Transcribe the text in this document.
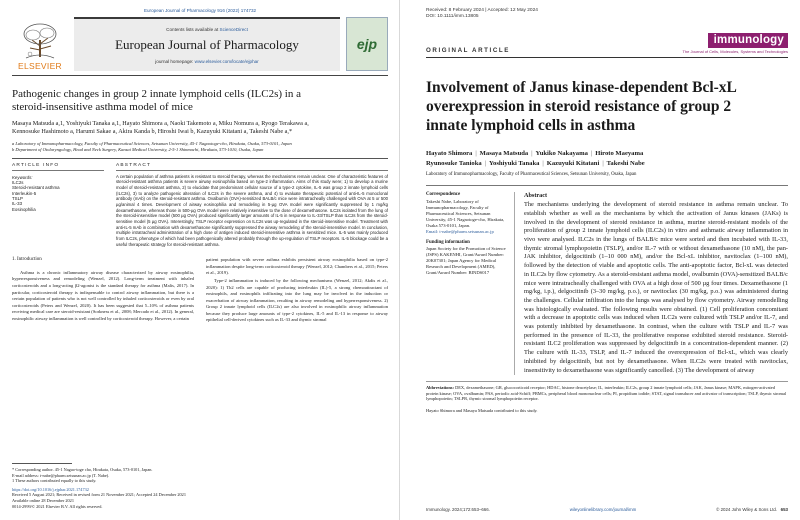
European Journal of Pharmacology 916 (2022) 174732
ELSEVIER
Contents lists available at ScienceDirect
European Journal of Pharmacology
journal homepage: www.elsevier.com/locate/ejphar
ejp
Pathogenic changes in group 2 innate lymphoid cells (ILC2s) in a steroid-insensitive asthma model of mice
Masaya Matsuda a,1, Yoshiyuki Tanaka a,1, Hayato Shimora a, Naoki Takemoto a, Miku Nomura a, Ryogo Terakawa a, Kennosuke Hashimoto a, Harumi Sakae a, Akira Kanda b, Hiroshi Iwai b, Kazuyuki Kitatani a, Takeshi Nabe a,*
a Laboratory of Immunopharmacology, Faculty of Pharmaceutical Sciences, Setsunan University, 45-1 Nagaotoge-cho, Hirakata, Osaka, 573-0101, Japan
b Department of Otolaryngology, Head and Neck Surgery, Kansai Medical University, 2-5-1 Shinmachi, Hirakata, 573-1010, Osaka, Japan
ARTICLE INFO
Keywords:
ILC2s
Steroid-resistant asthma
Interleukin-5
TSLP
IL-33
Eosinophilia
ABSTRACT
A certain population of asthma patients is resistant to steroid therapy, whereas the mechanisms remain unclear. One of characteristic features of steroid-resistant asthma patients is severe airway eosinophilia based on type-2 inflammation. Aims of this study were; 1) to develop a murine model of steroid-resistant asthma, 2) to elucidate that predominant cellular source of a type-2 cytokine, IL-5 was group 2 innate lymphoid cells (ILC2s), 3) to analyze pathogenic alteration of ILC2s in the severe asthma, and 4) to evaluate therapeutic potential of anti-IL-5 monoclonal antibody (mAb) on the steroid-resistant asthma. Ovalbumin (OVA)-sensitized BALB/c mice were intratracheally challenged with OVA at 5 or 500 µg/animal 4 times. Development of airway eosinophilia and remodeling in 5-µg OVA model were significantly suppressed by 1 mg/kg dexamethasone, whereas those in 500-µg OVA model were relatively insensitive to the dose of dexamethasone. ILC2s isolated from the lung of the steroid-insensitive model (500 µg OVA) produced significantly larger amounts of IL-5 in response to IL-33/TSLP than ILC2s from the steroid-sensitive model (5 µg OVA). Interestingly, TSLP receptor expression on ILC2s was up-regulated in the steroid-insensitive model. Treatment with anti-IL-5 mAb in combination with dexamethasone significantly suppressed the airway remodeling of the steroid-insensitive model. In conclusion, multiple intratracheal administration of a high dose of antigen induced steroid-insensitive asthma in sensitized mice. IL-5 was mainly produced from ILC2s, phenotype of which had been pathogenically altered probably through the up-regulation of TSLP receptors. IL-5 blockage could be a useful therapeutic strategy for steroid-resistant asthma.
1. Introduction

Asthma is a chronic inflammatory airway disease characterized by airway eosinophilia, hyperresponsiveness and remodeling (Wenzel, 2012). Long-term treatment with inhaled corticosteroids and a long-acting β2-agonist is the standard therapy for asthma (Malis, 2017). In particular, corticosteroid therapy is indispensable to control airway inflammation, but there is a certain population of patients who is not well controlled by inhaled corticosteroids or even by oral corticosteroids (Peters and Wenzel, 2020). It has been suggested that 5–10% of asthma patients receiving medical care are steroid-resistant (Sorkness et al., 2008; Mercado et al., 2012). In general, eosinophilic airway inflammation is well controlled by corticosteroid therapy. However, a certain

patient population with severe asthma exhibits persistent airway eosinophilia based on type-2 inflammation despite long-term corticosteroid therapy (Wenzel, 2012; Chambers et al., 2015; Peters et al., 2019).

Type-2 inflammation is induced by the following mechanisms (Wenzel, 2012; Akdis et al., 2020): 1) Th2 cells are capable of producing interleukin (IL)-5, a strong chemoattractant of eosinophils, and eosinophils infiltrating into the lung may be involved in the induction or exacerbation of airway inflammation, resulting in airway remodeling and hyperresponsiveness. 2) Group 2 innate lymphoid cells (ILC2s) are also involved in eosinophilic airway inflammation because they produce large amounts of type-2 cytokines, IL-5 and IL-13 in response to airway epithelial cell-derived cytokines such as IL-33 and thymic stromal

* Corresponding author. 45-1 Nagao-toge cho, Hirakata, Osaka, 573-0101, Japan.
E-mail address: t-nabe@pharm.setsunan.ac.jp (T. Nabe).
1 These authors contributed equally to this study.
https://doi.org/10.1016/j.ejphar.2021.174732
Received 5 August 2021; Received in revised form 21 November 2021; Accepted 24 December 2021
Available online 28 December 2021
0014-2999/© 2021 Elsevier B.V. All rights reserved.
Received: 8 February 2024 | Accepted: 12 May 2024
DOI: 10.1111/imm.13805
ORIGINAL ARTICLE
immunology
The Journal of Cells, Molecules, Systems and Technologies
Involvement of Janus kinase-dependent Bcl-xL overexpression in steroid resistance of group 2 innate lymphoid cells in asthma
Hayato Shimora | Masaya Matsuda | Yukiko Nakayama | Hiroto Maeyama
Ryunosuke Tanioka | Yoshiyuki Tanaka | Kazuyuki Kitatani | Takeshi Nabe
Laboratory of Immunopharmacology, Faculty of Pharmaceutical Sciences, Setsunan University, Osaka, Japan
Correspondence
Takeshi Nabe, Laboratory of Immunopharmacology, Faculty of Pharmaceutical Sciences, Setsunan University, 45-1 Nagaotoge-cho, Hirakata, Osaka 573-0101, Japan.
Email: t-nabe@pharm.setsunan.ac.jp
Funding information
Japan Society for the Promotion of Science (JSPS) KAKENHI, Grant/Award Number: 20K07301; Japan Agency for Medical Research and Development (AMED), Grant/Award Number: BINDS017
Abstract
The mechanisms underlying the development of steroid resistance in asthma remain unclear. To establish whether as well as the mechanisms by which the activation of Janus kinases (JAKs) is involved in the development of steroid resistance in asthma, murine steroid-resistant models of the proliferation of group 2 innate lymphoid cells (ILC2s) in vitro and asthmatic airway inflammation in vivo were analysed. ILC2s in the lungs of BALB/c mice were sorted and then incubated with IL-33, thymic stromal lymphopoietin (TSLP), and/or IL-7 with or without dexamethasone (10 nM), the pan-JAK inhibitor, delgocitinib (1–10 000 nM), and/or the Bcl-xL inhibitor, navitoclax (1–100 nM), followed by the detection of viable and apoptotic cells. The anti-apoptotic factor, Bcl-xL was detected in ILC2s by flow cytometry. As a steroid-resistant asthma model, ovalbumin (OVA)-sensitized BALB/c mice were intratracheally challenged with OVA at a high dose of 500 µg four times. Dexamethasone (1 mg/kg, i.p.), delgocitinib (3–30 mg/kg, p.o.), or navitoclax (30 mg/kg, p.o.) was administered during the challenges. Cellular infiltration into the lungs was analysed by flow cytometry. Airway remodelling was histologically evaluated. The following results were obtained. (1) Cell proliferation concomitant with a decrease in apoptotic cells was induced when ILC2s were cultured with TSLP and/or IL-7, and was potently inhibited by dexamethasone. In contrast, when the culture with TSLP and IL-7 was performed in the presence of IL-33, the proliferative response exhibited steroid resistance. Steroid-resistant ILC2 proliferation was suppressed by delgocitinib in a concentration-dependent manner. (2) The culture with IL-33, TSLP, and IL-7 induced the overexpression of Bcl-xL, which was clearly inhibited by delgocitinib, but not by dexamethasone. When ILC2s were treated with navitoclax, insensitivity to dexamethasone was significantly cancelled. (3) The development of airway
Abbreviations: DEX, dexamethasone; GR, glucocorticoid receptor; HDAC, histone deacetylase; IL, interleukin; ILC2s, group 2 innate lymphoid cells; JAK, Janus kinase; MAPK, mitogen-activated protein kinase; OVA, ovalbumin; PAS, periodic acid-Schiff; PBMCs, peripheral blood mononuclear cells; PI, propidium iodide; STAT, signal transducer and activator of transcription; TSLP, thymic stromal lymphopoietin; TSLPR, thymic stromal lymphopoietin receptor.
Hayato Shimora and Masaya Matsuda contributed to this study.
Immunology. 2024;172:653–666.	wileyonlinelibrary.com/journal/imm	© 2024 John Wiley & Sons Ltd. 653
